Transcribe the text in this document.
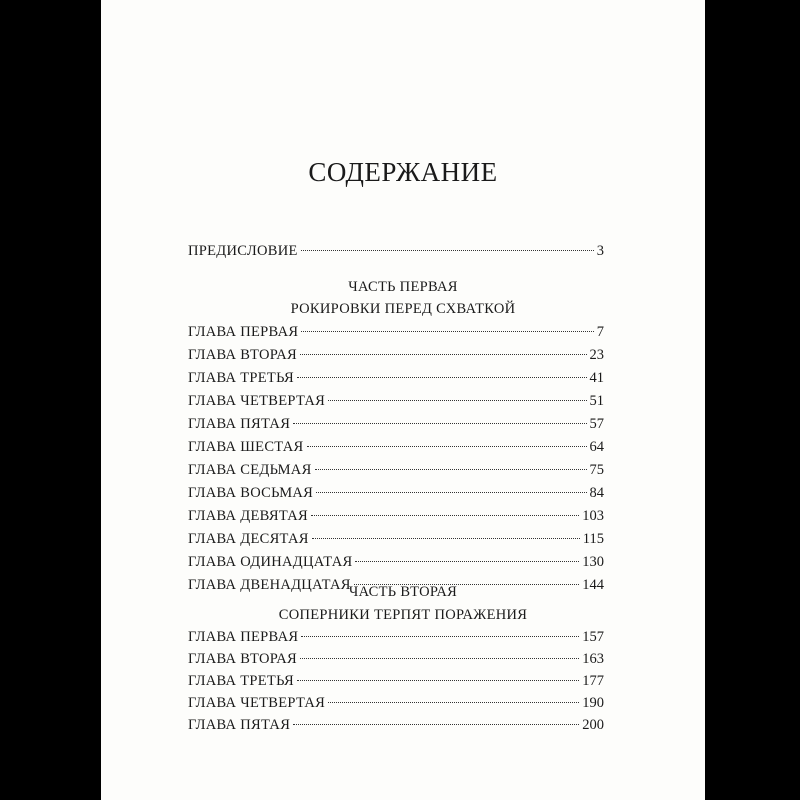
СОДЕРЖАНИЕ
ПРЕДИСЛОВИЕ	3
ЧАСТЬ ПЕРВАЯ
РОКИРОВКИ ПЕРЕД СХВАТКОЙ
ГЛАВА ПЕРВАЯ	7
ГЛАВА ВТОРАЯ	23
ГЛАВА ТРЕТЬЯ	41
ГЛАВА ЧЕТВЕРТАЯ	51
ГЛАВА ПЯТАЯ	57
ГЛАВА ШЕСТАЯ	64
ГЛАВА СЕДЬМАЯ	75
ГЛАВА ВОСЬМАЯ	84
ГЛАВА ДЕВЯТАЯ	103
ГЛАВА ДЕСЯТАЯ	115
ГЛАВА ОДИНАДЦАТАЯ	130
ГЛАВА ДВЕНАДЦАТАЯ	144
ЧАСТЬ ВТОРАЯ
СОПЕРНИКИ ТЕРПЯТ ПОРАЖЕНИЯ
ГЛАВА ПЕРВАЯ	157
ГЛАВА ВТОРАЯ	163
ГЛАВА ТРЕТЬЯ	177
ГЛАВА ЧЕТВЕРТАЯ	190
ГЛАВА ПЯТАЯ	200
